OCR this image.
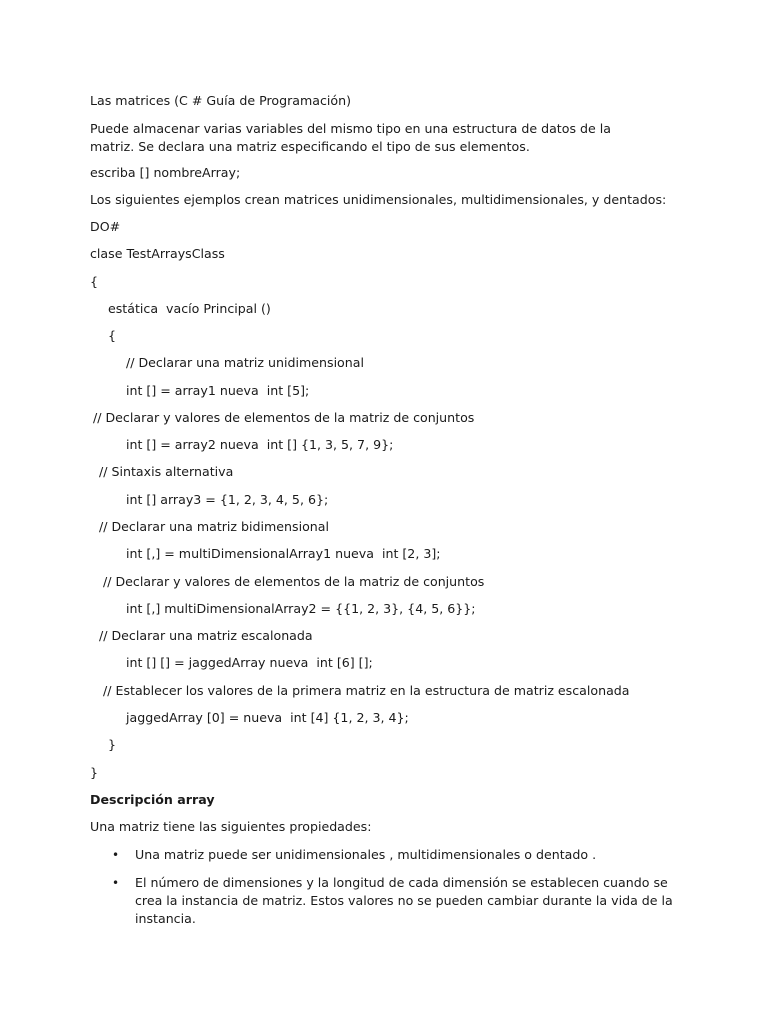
Las matrices (C # Guía de Programación)

Puede almacenar varias variables del mismo tipo en una estructura de datos de la matriz. Se declara una matriz especificando el tipo de sus elementos.

escriba [] nombreArray;

Los siguientes ejemplos crean matrices unidimensionales, multidimensionales, y dentados:

DO#

clase TestArraysClass

{

estática  vacío Principal ()

{

// Declarar una matriz unidimensional

int [] = array1 nueva  int [5];

// Declarar y valores de elementos de la matriz de conjuntos

int [] = array2 nueva  int [] {1, 3, 5, 7, 9};

// Sintaxis alternativa

int [] array3 = {1, 2, 3, 4, 5, 6};

// Declarar una matriz bidimensional

int [,] = multiDimensionalArray1 nueva  int [2, 3];

// Declarar y valores de elementos de la matriz de conjuntos

int [,] multiDimensionalArray2 = {{1, 2, 3}, {4, 5, 6}};

// Declarar una matriz escalonada

int [] [] = jaggedArray nueva  int [6] [];

// Establecer los valores de la primera matriz en la estructura de matriz escalonada

jaggedArray [0] = nueva  int [4] {1, 2, 3, 4};

}

}

Descripción array

Una matriz tiene las siguientes propiedades:

• Una matriz puede ser unidimensionales , multidimensionales o dentado .

• El número de dimensiones y la longitud de cada dimensión se establecen cuando se crea la instancia de matriz. Estos valores no se pueden cambiar durante la vida de la instancia.
